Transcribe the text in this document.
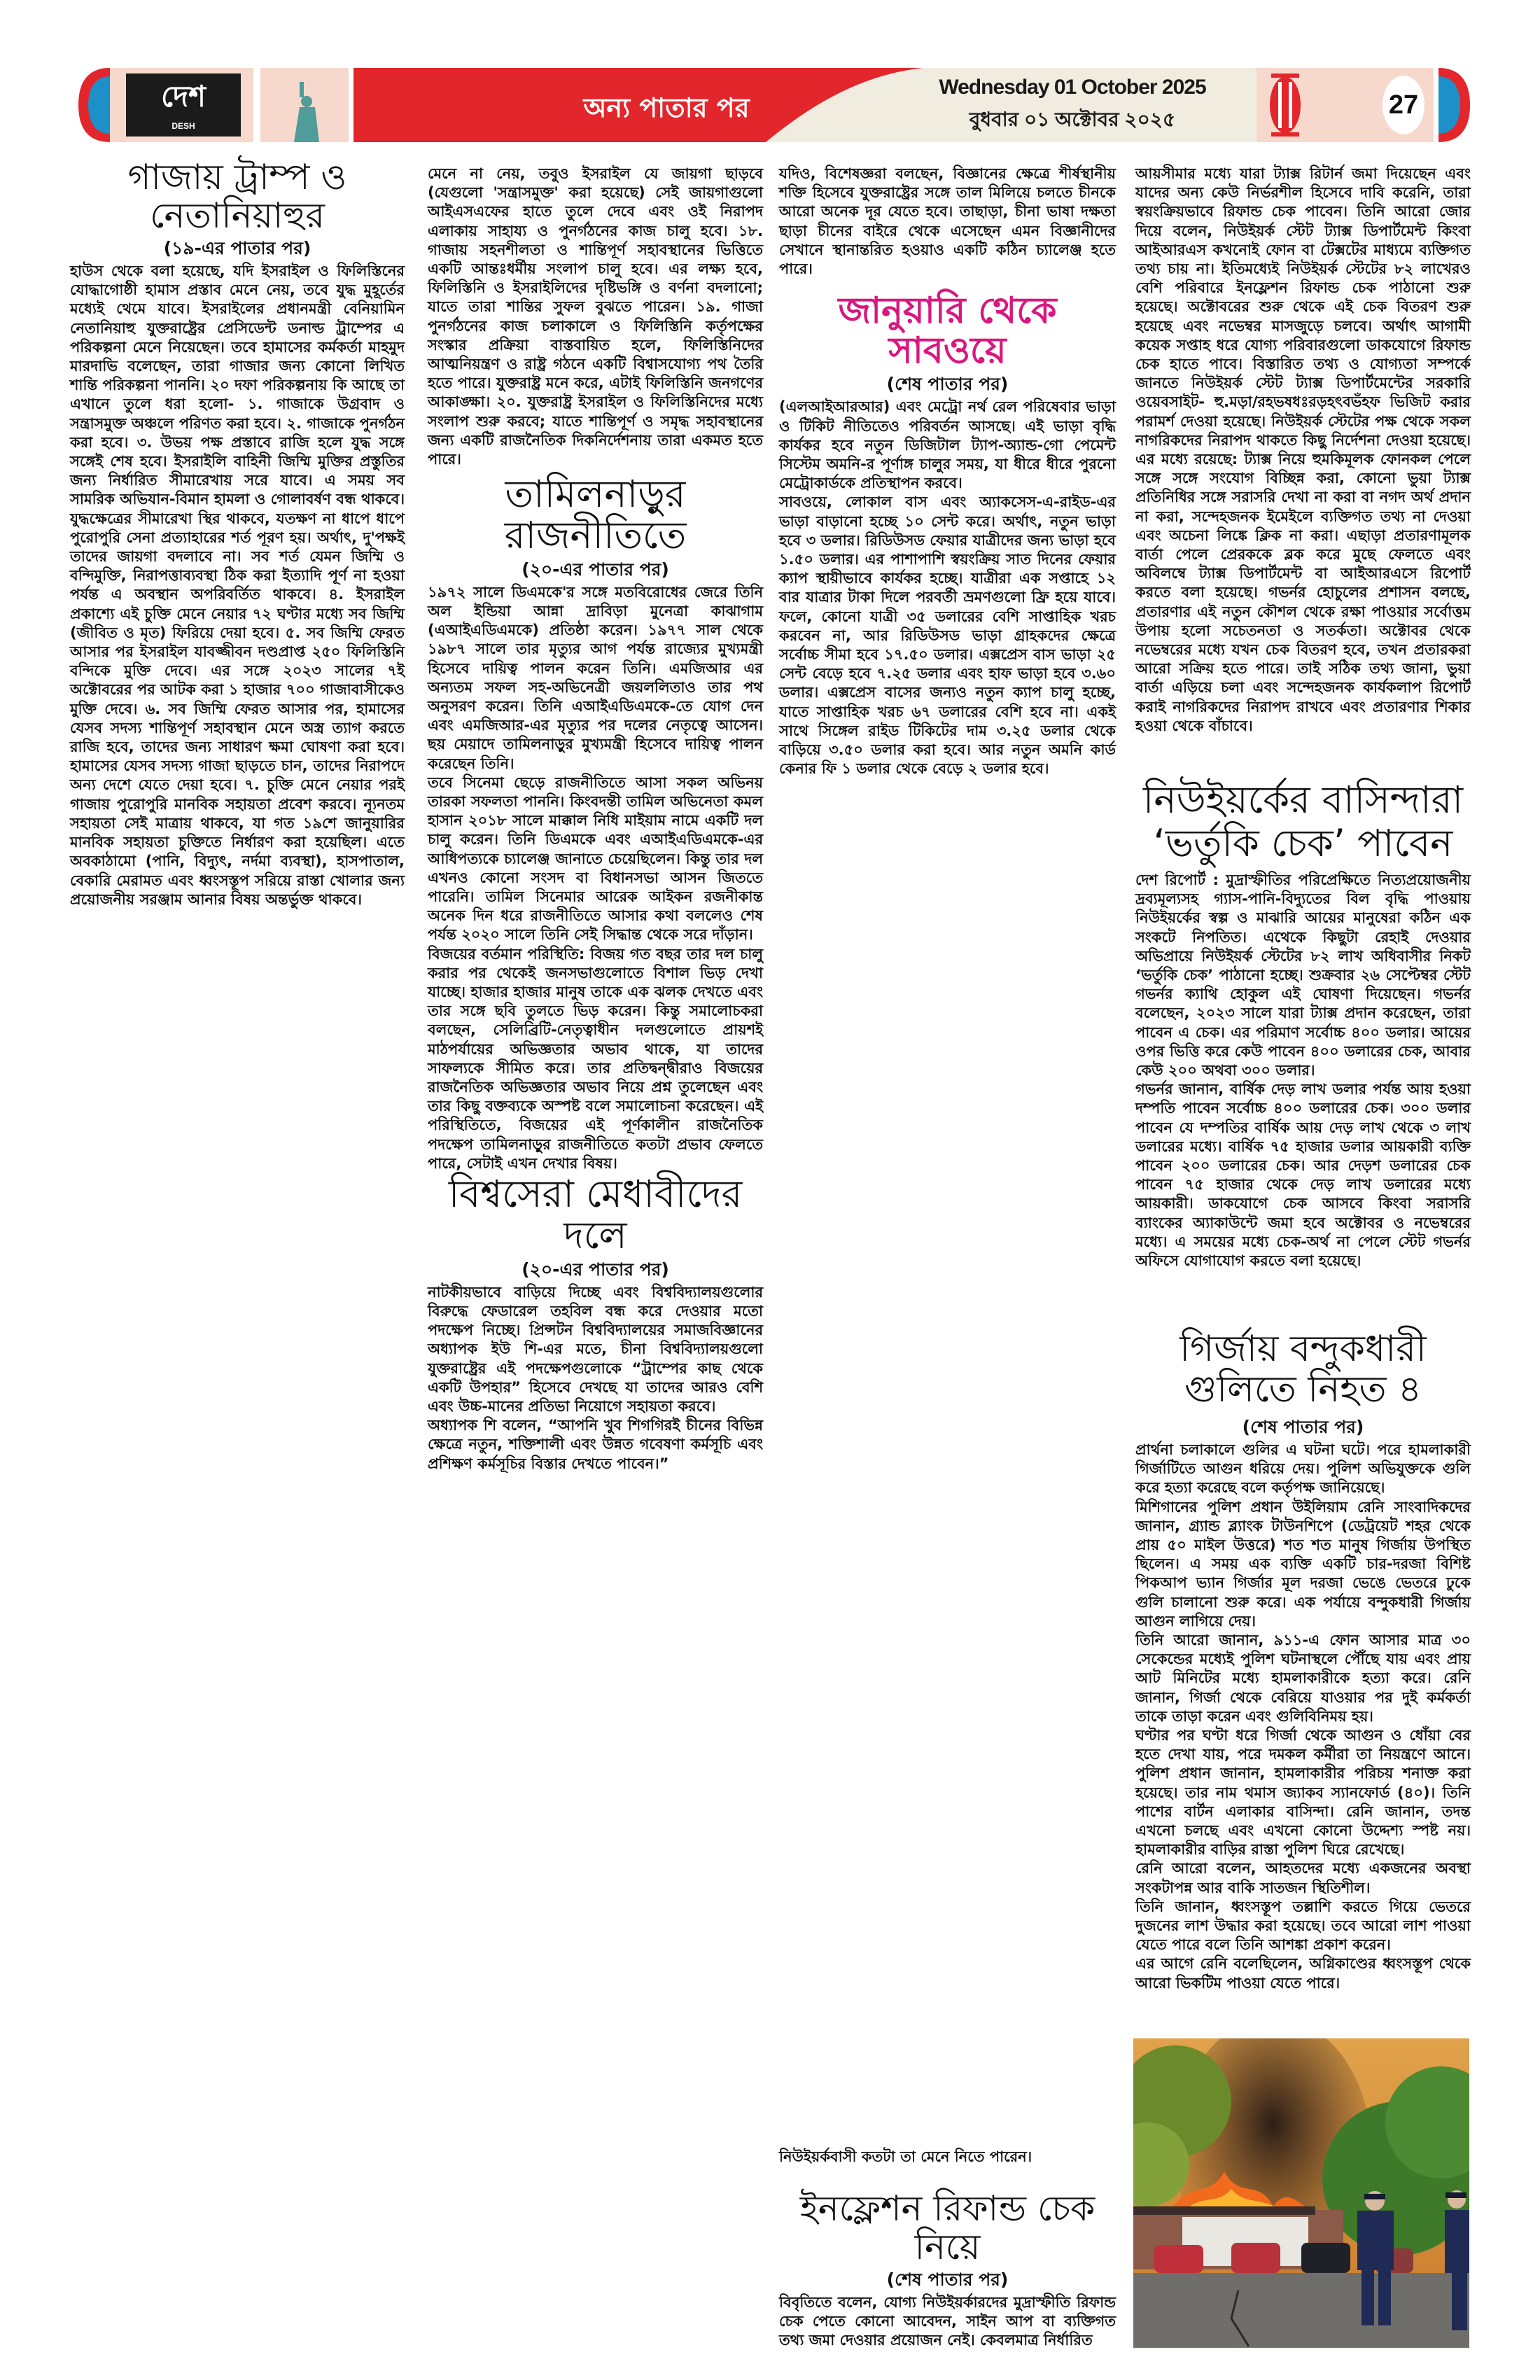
দেশ
DESH
অন্য পাতার পর
Wednesday 01 October 2025
বুধবার ০১ অক্টোবর ২০২৫	27
গাজায় ট্রাম্প ও নেতানিয়াহুর
(১৯-এর পাতার পর)

হাউস থেকে বলা হয়েছে, যদি ইসরাইল ও ফিলিস্তিনের যোদ্ধাগোষ্ঠী হামাস প্রস্তাব মেনে নেয়, তবে যুদ্ধ মুহূর্তের মধ্যেই থেমে যাবে। ইসরাইলের প্রধানমন্ত্রী বেনিয়ামিন নেতানিয়াহু যুক্তরাষ্ট্রের প্রেসিডেন্ট ডনাল্ড ট্রাম্পের এ পরিকল্পনা মেনে নিয়েছেন। তবে হামাসের কর্মকর্তা মাহমুদ মারদাভি বলেছেন, তারা গাজার জন্য কোনো লিখিত শান্তি পরিকল্পনা পাননি। ২০ দফা পরিকল্পনায় কি আছে তা এখানে তুলে ধরা হলো- ১. গাজাকে উগ্রবাদ ও সন্ত্রাসমুক্ত অঞ্চলে পরিণত করা হবে। ২. গাজাকে পুনর্গঠন করা হবে। ৩. উভয় পক্ষ প্রস্তাবে রাজি হলে যুদ্ধ সঙ্গে সঙ্গেই শেষ হবে। ইসরাইলি বাহিনী জিম্মি মুক্তির প্রস্তুতির জন্য নির্ধারিত সীমারেখায় সরে যাবে। এ সময় সব সামরিক অভিযান-বিমান হামলা ও গোলাবর্ষণ বন্ধ থাকবে। যুদ্ধক্ষেত্রের সীমারেখা স্থির থাকবে, যতক্ষণ না ধাপে ধাপে পুরোপুরি সেনা প্রত্যাহারের শর্ত পূরণ হয়। অর্থাৎ, দু'পক্ষই তাদের জায়গা বদলাবে না। সব শর্ত যেমন জিম্মি ও বন্দিমুক্তি, নিরাপত্তাব্যবস্থা ঠিক করা ইত্যাদি পূর্ণ না হওয়া পর্যন্ত এ অবস্থান অপরিবর্তিত থাকবে। ৪. ইসরাইল প্রকাশ্যে এই চুক্তি মেনে নেয়ার ৭২ ঘণ্টার মধ্যে সব জিম্মি (জীবিত ও মৃত) ফিরিয়ে দেয়া হবে। ৫. সব জিম্মি ফেরত আসার পর ইসরাইল যাবজ্জীবন দণ্ডপ্রাপ্ত ২৫০ ফিলিস্তিনি বন্দিকে মুক্তি দেবে। এর সঙ্গে ২০২৩ সালের ৭ই অক্টোবরের পর আটক করা ১ হাজার ৭০০ গাজাবাসীকেও মুক্তি দেবে। ৬. সব জিম্মি ফেরত আসার পর, হামাসের যেসব সদস্য শান্তিপূর্ণ সহাবস্থান মেনে অস্ত্র ত্যাগ করতে রাজি হবে, তাদের জন্য সাধারণ ক্ষমা ঘোষণা করা হবে। হামাসের যেসব সদস্য গাজা ছাড়তে চান, তাদের নিরাপদে অন্য দেশে যেতে দেয়া হবে। ৭. চুক্তি মেনে নেয়ার পরই গাজায় পুরোপুরি মানবিক সহায়তা প্রবেশ করবে। ন্যূনতম সহায়তা সেই মাত্রায় থাকবে, যা গত ১৯শে জানুয়ারির মানবিক সহায়তা চুক্তিতে নির্ধারণ করা হয়েছিল। এতে অবকাঠামো (পানি, বিদ্যুৎ, নর্দমা ব্যবস্থা), হাসপাতাল, বেকারি মেরামত এবং ধ্বংসস্তূপ সরিয়ে রাস্তা খোলার জন্য প্রয়োজনীয় সরঞ্জাম আনার বিষয় অন্তর্ভুক্ত থাকবে।

মেনে না নেয়, তবুও ইসরাইল যে জায়গা ছাড়বে (যেগুলো 'সন্ত্রাসমুক্ত' করা হয়েছে) সেই জায়গাগুলো আইএসএফের হাতে তুলে দেবে এবং ওই নিরাপদ এলাকায় সাহায্য ও পুনর্গঠনের কাজ চালু হবে। ১৮. গাজায় সহনশীলতা ও শান্তিপূর্ণ সহাবস্থানের ভিত্তিতে একটি আন্তঃধর্মীয় সংলাপ চালু হবে। এর লক্ষ্য হবে, ফিলিস্তিনি ও ইসরাইলিদের দৃষ্টিভঙ্গি ও বর্ণনা বদলানো; যাতে তারা শান্তির সুফল বুঝতে পারেন। ১৯. গাজা পুনর্গঠনের কাজ চলাকালে ও ফিলিস্তিনি কর্তৃপক্ষের সংস্কার প্রক্রিয়া বাস্তবায়িত হলে, ফিলিস্তিনিদের আত্মনিয়ন্ত্রণ ও রাষ্ট্র গঠনে একটি বিশ্বাসযোগ্য পথ তৈরি হতে পারে। যুক্তরাষ্ট্র মনে করে, এটাই ফিলিস্তিনি জনগণের আকাঙ্ক্ষা। ২০. যুক্তরাষ্ট্র ইসরাইল ও ফিলিস্তিনিদের মধ্যে সংলাপ শুরু করবে; যাতে শান্তিপূর্ণ ও সমৃদ্ধ সহাবস্থানের জন্য একটি রাজনৈতিক দিকনির্দেশনায় তারা একমত হতে পারে।

তামিলনাড়ুর রাজনীতিতে
(২০-এর পাতার পর)

১৯৭২ সালে ডিএমকে'র সঙ্গে মতবিরোধের জেরে তিনি অল ইন্ডিয়া আন্না দ্রাবিড়া মুনেত্রা কাঝাগাম (এআইএডিএমকে) প্রতিষ্ঠা করেন। ১৯৭৭ সাল থেকে ১৯৮৭ সালে তার মৃত্যুর আগ পর্যন্ত রাজ্যের মুখ্যমন্ত্রী হিসেবে দায়িত্ব পালন করেন তিনি। এমজিআর এর অন্যতম সফল সহ-অভিনেত্রী জয়ললিতাও তার পথ অনুসরণ করেন। তিনি এআইএডিএমকে-তে যোগ দেন এবং এমজিআর-এর মৃত্যুর পর দলের নেতৃত্বে আসেন। ছয় মেয়াদে তামিলনাড়ুর মুখ্যমন্ত্রী হিসেবে দায়িত্ব পালন করেছেন তিনি।

তবে সিনেমা ছেড়ে রাজনীতিতে আসা সকল অভিনয় তারকা সফলতা পাননি। কিংবদন্তী তামিল অভিনেতা কমল হাসান ২০১৮ সালে মাক্কাল নিধি মাইয়াম নামে একটি দল চালু করেন। তিনি ডিএমকে এবং এআইএডিএমকে-এর আধিপত্যকে চ্যালেঞ্জ জানাতে চেয়েছিলেন। কিন্তু তার দল এখনও কোনো সংসদ বা বিধানসভা আসন জিততে পারেনি। তামিল সিনেমার আরেক আইকন রজনীকান্ত অনেক দিন ধরে রাজনীতিতে আসার কথা বললেও শেষ পর্যন্ত ২০২০ সালে তিনি সেই সিদ্ধান্ত থেকে সরে দাঁড়ান।

বিজয়ের বর্তমান পরিস্থিতি: বিজয় গত বছর তার দল চালু করার পর থেকেই জনসভাগুলোতে বিশাল ভিড় দেখা যাচ্ছে। হাজার হাজার মানুষ তাকে এক ঝলক দেখতে এবং তার সঙ্গে ছবি তুলতে ভিড় করেন। কিন্তু সমালোচকরা বলছেন, সেলিব্রিটি-নেতৃত্বাধীন দলগুলোতে প্রায়শই মাঠপর্যায়ের অভিজ্ঞতার অভাব থাকে, যা তাদের সাফল্যকে সীমিত করে। তার প্রতিদ্বন্দ্বীরাও বিজয়ের রাজনৈতিক অভিজ্ঞতার অভাব নিয়ে প্রশ্ন তুলেছেন এবং তার কিছু বক্তব্যকে অস্পষ্ট বলে সমালোচনা করেছেন। এই পরিস্থিতিতে, বিজয়ের এই পূর্ণকালীন রাজনৈতিক পদক্ষেপ তামিলনাড়ুর রাজনীতিতে কতটা প্রভাব ফেলতে পারে, সেটাই এখন দেখার বিষয়।

বিশ্বসেরা মেধাবীদের দলে
(২০-এর পাতার পর)

নাটকীয়ভাবে বাড়িয়ে দিচ্ছে এবং বিশ্ববিদ্যালয়গুলোর বিরুদ্ধে ফেডারেল তহবিল বন্ধ করে দেওয়ার মতো পদক্ষেপ নিচ্ছে। প্রিন্সটন বিশ্ববিদ্যালয়ের সমাজবিজ্ঞানের অধ্যাপক ইউ শি-এর মতে, চীনা বিশ্ববিদ্যালয়গুলো যুক্তরাষ্ট্রের এই পদক্ষেপগুলোকে “ট্রাম্পের কাছ থেকে একটি উপহার” হিসেবে দেখছে যা তাদের আরও বেশি এবং উচ্চ-মানের প্রতিভা নিয়োগে সহায়তা করবে।

অধ্যাপক শি বলেন, “আপনি খুব শিগগিরই চীনের বিভিন্ন ক্ষেত্রে নতুন, শক্তিশালী এবং উন্নত গবেষণা কর্মসূচি এবং প্রশিক্ষণ কর্মসূচির বিস্তার দেখতে পাবেন।”

যদিও, বিশেষজ্ঞরা বলছেন, বিজ্ঞানের ক্ষেত্রে শীর্ষস্থানীয় শক্তি হিসেবে যুক্তরাষ্ট্রের সঙ্গে তাল মিলিয়ে চলতে চীনকে আরো অনেক দূর যেতে হবে। তাছাড়া, চীনা ভাষা দক্ষতা ছাড়া চীনের বাইরে থেকে এসেছেন এমন বিজ্ঞানীদের সেখানে স্থানান্তরিত হওয়াও একটি কঠিন চ্যালেঞ্জ হতে পারে।

জানুয়ারি থেকে সাবওয়ে
(শেষ পাতার পর)

(এলআইআরআর) এবং মেট্রো নর্থ রেল পরিষেবার ভাড়া ও টিকিট নীতিতেও পরিবর্তন আসছে। এই ভাড়া বৃদ্ধি কার্যকর হবে নতুন ডিজিটাল ট্যাপ-অ্যান্ড-গো পেমেন্ট সিস্টেম অমনি-র পূর্ণাঙ্গ চালুর সময়, যা ধীরে ধীরে পুরনো মেট্রোকার্ডকে প্রতিস্থাপন করবে।

সাবওয়ে, লোকাল বাস এবং অ্যাকসেস-এ-রাইড-এর ভাড়া বাড়ানো হচ্ছে ১০ সেন্ট করে। অর্থাৎ, নতুন ভাড়া হবে ৩ ডলার। রিডিউসড ফেয়ার যাত্রীদের জন্য ভাড়া হবে ১.৫০ ডলার। এর পাশাপাশি স্বয়ংক্রিয় সাত দিনের ফেয়ার ক্যাপ স্থায়ীভাবে কার্যকর হচ্ছে। যাত্রীরা এক সপ্তাহে ১২ বার যাত্রার টাকা দিলে পরবর্তী ভ্রমণগুলো ফ্রি হয়ে যাবে। ফলে, কোনো যাত্রী ৩৫ ডলারের বেশি সাপ্তাহিক খরচ করবেন না, আর রিডিউসড ভাড়া গ্রাহকদের ক্ষেত্রে সর্বোচ্চ সীমা হবে ১৭.৫০ ডলার। এক্সপ্রেস বাস ভাড়া ২৫ সেন্ট বেড়ে হবে ৭.২৫ ডলার এবং হাফ ভাড়া হবে ৩.৬০ ডলার। এক্সপ্রেস বাসের জন্যও নতুন ক্যাপ চালু হচ্ছে, যাতে সাপ্তাহিক খরচ ৬৭ ডলারের বেশি হবে না। একই সাথে সিঙ্গেল রাইড টিকিটের দাম ৩.২৫ ডলার থেকে বাড়িয়ে ৩.৫০ ডলার করা হবে। আর নতুন অমনি কার্ড কেনার ফি ১ ডলার থেকে বেড়ে ২ ডলার হবে।

নিউইয়র্কবাসী কতটা তা মেনে নিতে পারেন।

ইনফ্লেশন রিফান্ড চেক নিয়ে
(শেষ পাতার পর)

বিবৃতিতে বলেন, যোগ্য নিউইয়র্কারদের মুদ্রাস্ফীতি রিফান্ড চেক পেতে কোনো আবেদন, সাইন আপ বা ব্যক্তিগত তথ্য জমা দেওয়ার প্রয়োজন নেই। কেবলমাত্র নির্ধারিত

আয়সীমার মধ্যে যারা ট্যাক্স রিটার্ন জমা দিয়েছেন এবং যাদের অন্য কেউ নির্ভরশীল হিসেবে দাবি করেনি, তারা স্বয়ংক্রিয়ভাবে রিফান্ড চেক পাবেন। তিনি আরো জোর দিয়ে বলেন, নিউইয়র্ক স্টেট ট্যাক্স ডিপার্টমেন্ট কিংবা আইআরএস কখনোই ফোন বা টেক্সটের মাধ্যমে ব্যক্তিগত তথ্য চায় না। ইতিমধ্যেই নিউইয়র্ক স্টেটের ৮২ লাখেরও বেশি পরিবারে ইনফ্লেশন রিফান্ড চেক পাঠানো শুরু হয়েছে। অক্টোবরের শুরু থেকে এই চেক বিতরণ শুরু হয়েছে এবং নভেম্বর মাসজুড়ে চলবে। অর্থাৎ আগামী কয়েক সপ্তাহ ধরে যোগ্য পরিবারগুলো ডাকযোগে রিফান্ড চেক হাতে পাবে। বিস্তারিত তথ্য ও যোগ্যতা সম্পর্কে জানতে নিউইয়র্ক স্টেট ট্যাক্স ডিপার্টমেন্টের সরকারি ওয়েবসাইট- হু.মড়া/রহভষধঃরড়হৎবভঁহফ ভিজিট করার পরামর্শ দেওয়া হয়েছে। নিউইয়র্ক স্টেটের পক্ষ থেকে সকল নাগরিকদের নিরাপদ থাকতে কিছু নির্দেশনা দেওয়া হয়েছে। এর মধ্যে রয়েছে: ট্যাক্স নিয়ে হুমকিমূলক ফোনকল পেলে সঙ্গে সঙ্গে সংযোগ বিচ্ছিন্ন করা, কোনো ভুয়া ট্যাক্স প্রতিনিধির সঙ্গে সরাসরি দেখা না করা বা নগদ অর্থ প্রদান না করা, সন্দেহজনক ইমেইলে ব্যক্তিগত তথ্য না দেওয়া এবং অচেনা লিঙ্কে ক্লিক না করা। এছাড়া প্রতারণামূলক বার্তা পেলে প্রেরককে ব্লক করে মুছে ফেলতে এবং অবিলম্বে ট্যাক্স ডিপার্টমেন্ট বা আইআরএসে রিপোর্ট করতে বলা হয়েছে। গভর্নর হোচুলের প্রশাসন বলছে, প্রতারণার এই নতুন কৌশল থেকে রক্ষা পাওয়ার সর্বোত্তম উপায় হলো সচেতনতা ও সতর্কতা। অক্টোবর থেকে নভেম্বরের মধ্যে যখন চেক বিতরণ হবে, তখন প্রতারকরা আরো সক্রিয় হতে পারে। তাই সঠিক তথ্য জানা, ভুয়া বার্তা এড়িয়ে চলা এবং সন্দেহজনক কার্যকলাপ রিপোর্ট করাই নাগরিকদের নিরাপদ রাখবে এবং প্রতারণার শিকার হওয়া থেকে বাঁচাবে।

নিউইয়র্কের বাসিন্দারা
‘ভর্তুকি চেক’ পাবেন

দেশ রিপোর্ট : মুদ্রাস্ফীতির পরিপ্রেক্ষিতে নিত্যপ্রয়োজনীয় দ্রব্যমূল্যসহ গ্যাস-পানি-বিদ্যুতের বিল বৃদ্ধি পাওয়ায় নিউইয়র্কের স্বল্প ও মাঝারি আয়ের মানুষেরা কঠিন এক সংকটে নিপতিত। এথেকে কিছুটা রেহাই দেওয়ার অভিপ্রায়ে নিউইয়র্ক স্টেটের ৮২ লাখ অধিবাসীর নিকট ‘ভর্তুকি চেক’ পাঠানো হচ্ছে। শুক্রবার ২৬ সেপ্টেম্বর স্টেট গভর্নর ক্যাথি হোকুল এই ঘোষণা দিয়েছেন। গভর্নর বলেছেন, ২০২৩ সালে যারা ট্যাক্স প্রদান করেছেন, তারা পাবেন এ চেক। এর পরিমাণ সর্বোচ্চ ৪০০ ডলার। আয়ের ওপর ভিত্তি করে কেউ পাবেন ৪০০ ডলারের চেক, আবার কেউ ২০০ অথবা ৩০০ ডলার।

গভর্নর জানান, বার্ষিক দেড় লাখ ডলার পর্যন্ত আয় হওয়া দম্পতি পাবেন সর্বোচ্চ ৪০০ ডলারের চেক। ৩০০ ডলার পাবেন যে দম্পতির বার্ষিক আয় দেড় লাখ থেকে ৩ লাখ ডলারের মধ্যে। বার্ষিক ৭৫ হাজার ডলার আয়কারী ব্যক্তি পাবেন ২০০ ডলারের চেক। আর দেড়শ ডলারের চেক পাবেন ৭৫ হাজার থেকে দেড় লাখ ডলারের মধ্যে আয়কারী। ডাকযোগে চেক আসবে কিংবা সরাসরি ব্যাংকের অ্যাকাউন্টে জমা হবে অক্টোবর ও নভেম্বরের মধ্যে। এ সময়ের মধ্যে চেক-অর্থ না পেলে স্টেট গভর্নর অফিসে যোগাযোগ করতে বলা হয়েছে।

গির্জায় বন্দুকধারী
গুলিতে নিহত ৪
(শেষ পাতার পর)

প্রার্থনা চলাকালে গুলির এ ঘটনা ঘটে। পরে হামলাকারী গির্জাটিতে আগুন ধরিয়ে দেয়। পুলিশ অভিযুক্তকে গুলি করে হত্যা করেছে বলে কর্তৃপক্ষ জানিয়েছে।

মিশিগানের পুলিশ প্রধান উইলিয়াম রেনি সাংবাদিকদের জানান, গ্র্যান্ড ব্ল্যাংক টাউনশিপে (ডেট্রয়েট শহর থেকে প্রায় ৫০ মাইল উত্তরে) শত শত মানুষ গির্জায় উপস্থিত ছিলেন। এ সময় এক ব্যক্তি একটি চার-দরজা বিশিষ্ট পিকআপ ভ্যান গির্জার মূল দরজা ভেঙে ভেতরে ঢুকে গুলি চালানো শুরু করে। এক পর্যায়ে বন্দুকধারী গির্জায় আগুন লাগিয়ে দেয়।

তিনি আরো জানান, ৯১১-এ ফোন আসার মাত্র ৩০ সেকেন্ডের মধ্যেই পুলিশ ঘটনাস্থলে পৌঁছে যায় এবং প্রায় আট মিনিটের মধ্যে হামলাকারীকে হত্যা করে। রেনি জানান, গির্জা থেকে বেরিয়ে যাওয়ার পর দুই কর্মকর্তা তাকে তাড়া করেন এবং গুলিবিনিময় হয়।

ঘণ্টার পর ঘণ্টা ধরে গির্জা থেকে আগুন ও ধোঁয়া বের হতে দেখা যায়, পরে দমকল কর্মীরা তা নিয়ন্ত্রণে আনে। পুলিশ প্রধান জানান, হামলাকারীর পরিচয় শনাক্ত করা হয়েছে। তার নাম থমাস জ্যাকব স্যানফোর্ড (৪০)। তিনি পাশের বার্টন এলাকার বাসিন্দা। রেনি জানান, তদন্ত এখনো চলছে এবং এখনো কোনো উদ্দেশ্য স্পষ্ট নয়। হামলাকারীর বাড়ির রাস্তা পুলিশ ঘিরে রেখেছে।

রেনি আরো বলেন, আহতদের মধ্যে একজনের অবস্থা সংকটাপন্ন আর বাকি সাতজন স্থিতিশীল।

তিনি জানান, ধ্বংসস্তূপ তল্লাশি করতে গিয়ে ভেতরে দুজনের লাশ উদ্ধার করা হয়েছে। তবে আরো লাশ পাওয়া যেতে পারে বলে তিনি আশঙ্কা প্রকাশ করেন।

এর আগে রেনি বলেছিলেন, অগ্নিকাণ্ডের ধ্বংসস্তূপ থেকে আরো ভিকটিম পাওয়া যেতে পারে।
